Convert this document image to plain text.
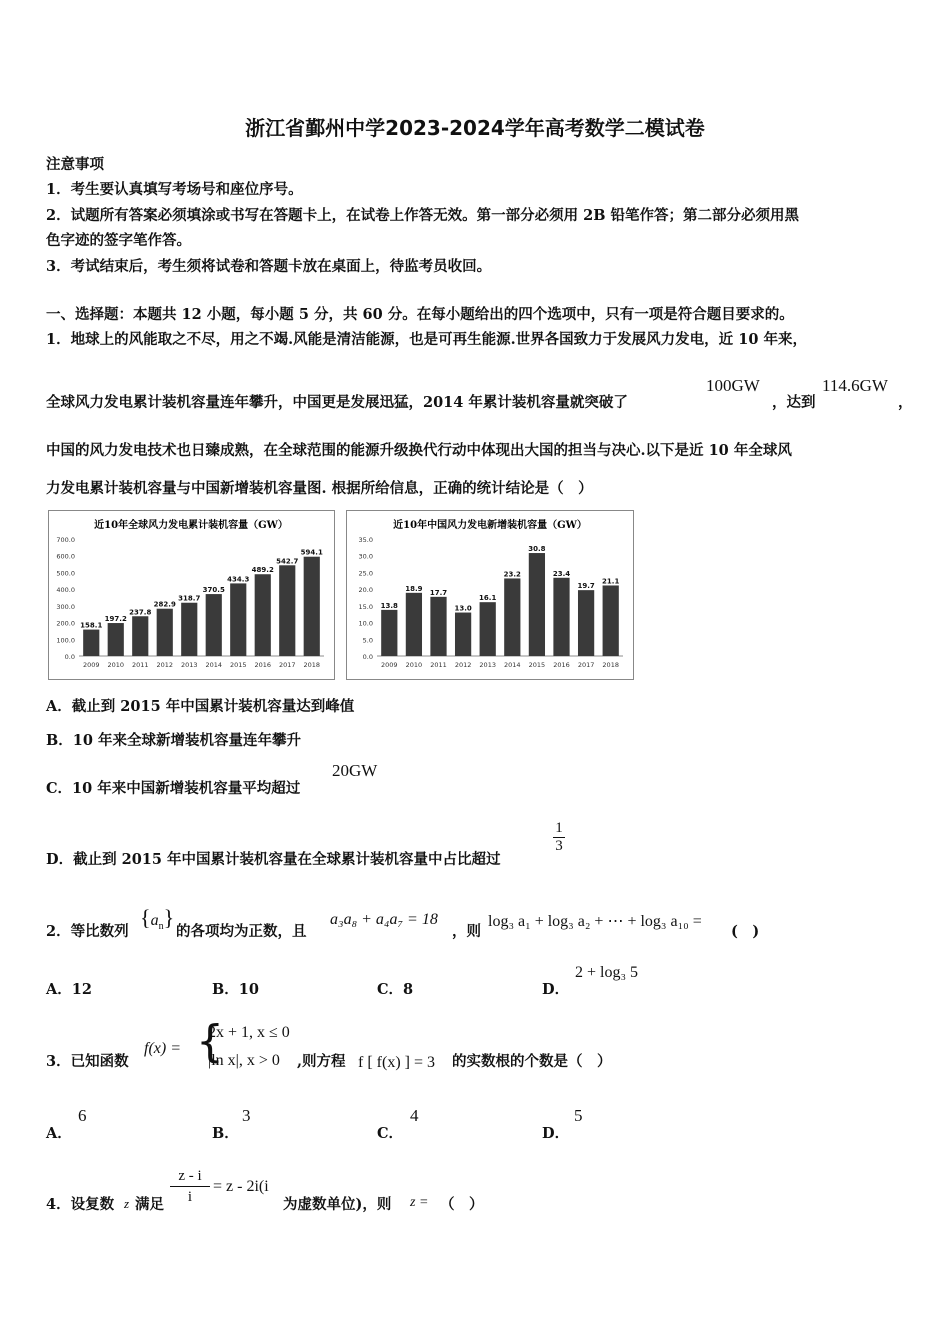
浙江省鄞州中学2023-2024学年高考数学二模试卷
注意事项
1．考生要认真填写考场号和座位序号。
2．试题所有答案必须填涂或书写在答题卡上，在试卷上作答无效。第一部分必须用 2B 铅笔作答；第二部分必须用黑
色字迹的签字笔作答。
3．考试结束后，考生须将试卷和答题卡放在桌面上，待监考员收回。
一、选择题：本题共 12 小题，每小题 5 分，共 60 分。在每小题给出的四个选项中，只有一项是符合题目要求的。
1．地球上的风能取之不尽，用之不竭.风能是清洁能源，也是可再生能源.世界各国致力于发展风力发电，近 10 年来，
全球风力发电累计装机容量连年攀升，中国更是发展迅猛，2014 年累计装机容量就突破了
100GW
，达到
114.6GW
，
中国的风力发电技术也日臻成熟，在全球范围的能源升级换代行动中体现出大国的担当与决心.以下是近 10 年全球风
力发电累计装机容量与中国新增装机容量图. 根据所给信息，正确的统计结论是（　）
近10年全球风力发电累计装机容量（GW）
0.0
100.0
200.0
300.0
400.0
500.0
600.0
700.0
158.1
2009
197.2
2010
237.8
2011
282.9
2012
318.7
2013
370.5
2014
434.3
2015
489.2
2016
542.7
2017
594.1
2018
近10年中国风力发电新增装机容量（GW）
0.0
5.0
10.0
15.0
20.0
25.0
30.0
35.0
13.8
2009
18.9
2010
17.7
2011
13.0
2012
16.1
2013
23.2
2014
30.8
2015
23.4
2016
19.7
2017
21.1
2018
A．截止到 2015 年中国累计装机容量达到峰值
B．10 年来全球新增装机容量连年攀升
C．10 年来中国新增装机容量平均超过
20GW
D．截止到 2015 年中国累计装机容量在全球累计装机容量中占比超过
$\frac{1}{3}$
2．等比数列
$\{a_n\}$
的各项均为正数，且
a₃a₈ + a₄a₇ = 18
，则
log₃ a₁ + log₃ a₂ + ⋯ + log₃ a₁₀ =
(　)
A．12	B．10	C．8	D．
2 + log₃ 5
3．已知函数
f(x) = {
2x + 1, x ≤ 0
|ln x|, x > 0 ,则方程 f [ f(x) ] = 3 的实数根的个数是（　）
A．
6
B．
3
C．
4
D．
5
4．设复数 z 满足 $\frac{z - i}{i} = z - 2i(i$
为虚数单位)，则 z = （　）
